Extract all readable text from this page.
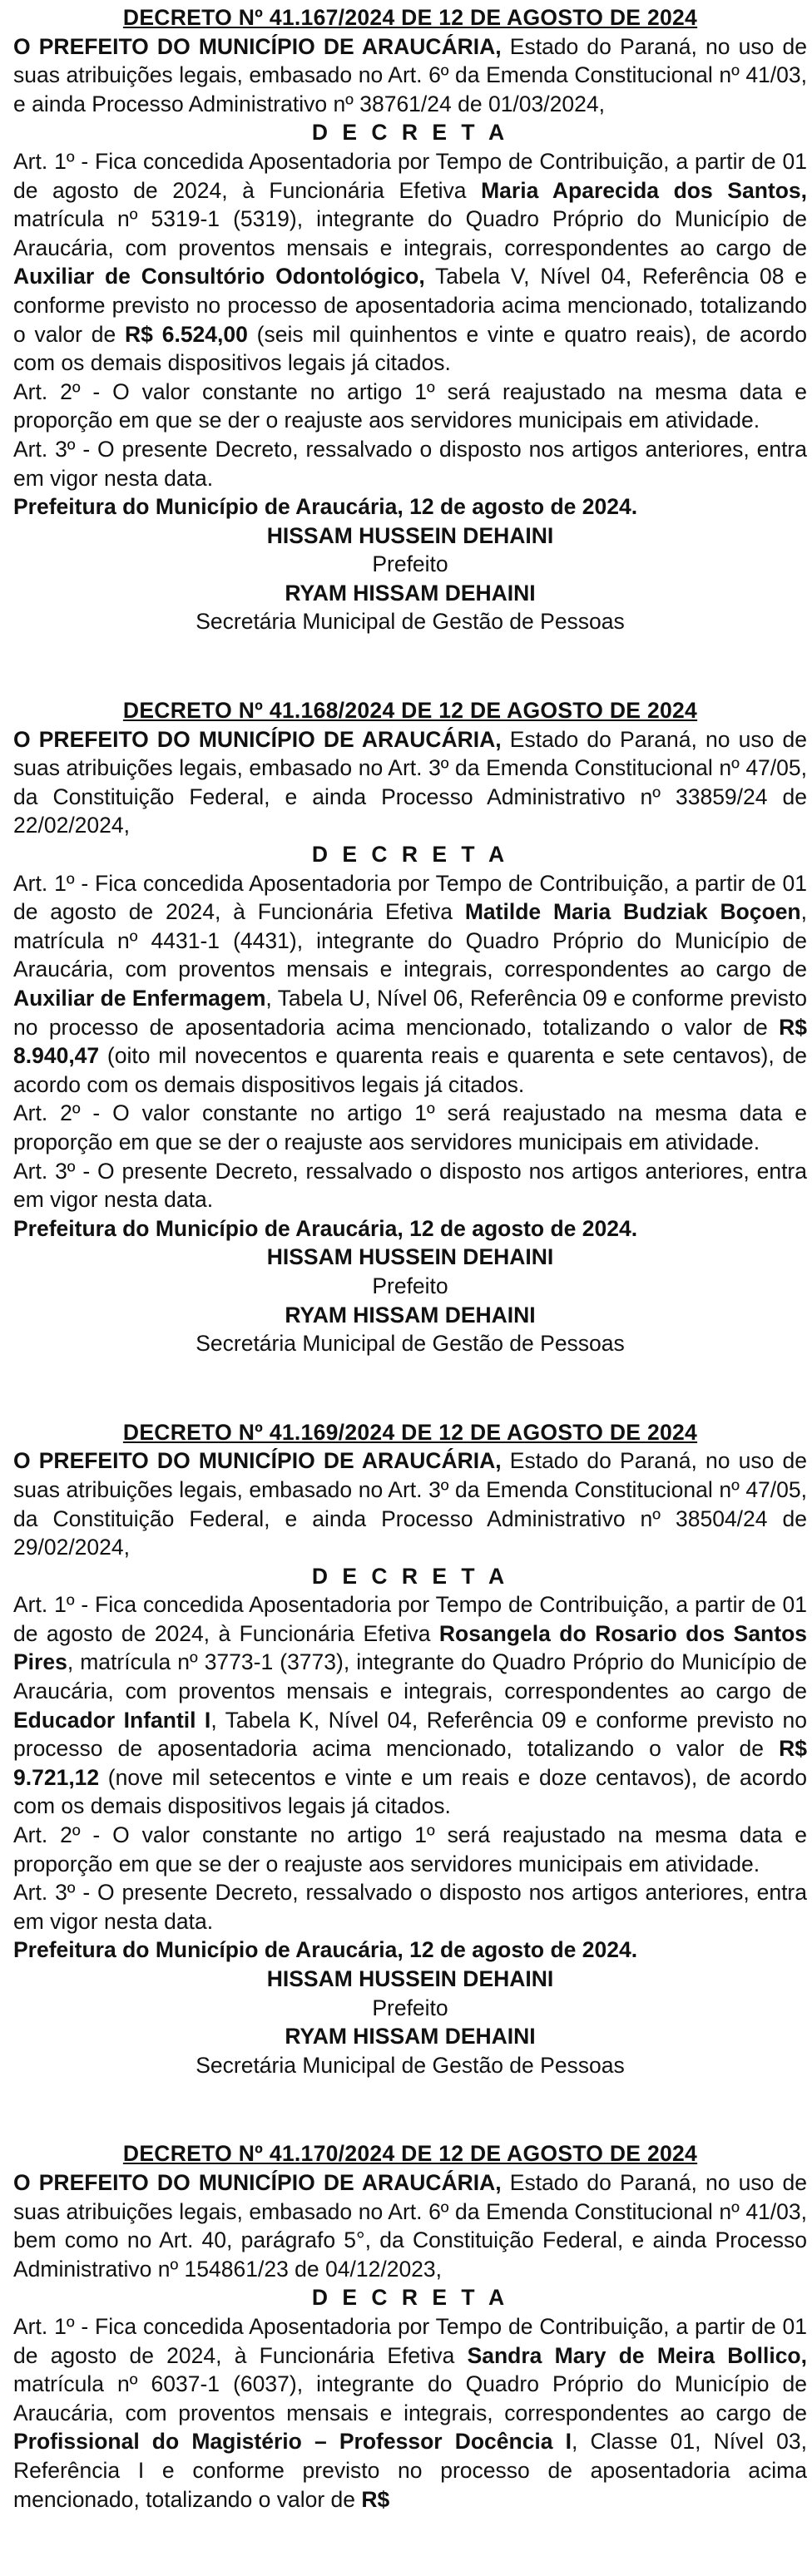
DECRETO Nº 41.167/2024 DE 12 DE AGOSTO DE 2024
O PREFEITO DO MUNICÍPIO DE ARAUCÁRIA, Estado do Paraná, no uso de suas atribuições legais, embasado no Art. 6º da Emenda Constitucional nº 41/03, e ainda Processo Administrativo nº 38761/24 de 01/03/2024,
D E C R E T A
Art. 1º - Fica concedida Aposentadoria por Tempo de Contribuição, a partir de 01 de agosto de 2024, à Funcionária Efetiva Maria Aparecida dos Santos, matrícula nº 5319-1 (5319), integrante do Quadro Próprio do Município de Araucária, com proventos mensais e integrais, correspondentes ao cargo de Auxiliar de Consultório Odontológico, Tabela V, Nível 04, Referência 08 e conforme previsto no processo de aposentadoria acima mencionado, totalizando o valor de R$ 6.524,00 (seis mil quinhentos e vinte e quatro reais), de acordo com os demais dispositivos legais já citados.
Art. 2º - O valor constante no artigo 1º será reajustado na mesma data e proporção em que se der o reajuste aos servidores municipais em atividade.
Art. 3º - O presente Decreto, ressalvado o disposto nos artigos anteriores, entra em vigor nesta data.
Prefeitura do Município de Araucária, 12 de agosto de 2024.
HISSAM HUSSEIN DEHAINI
Prefeito
RYAM HISSAM DEHAINI
Secretária Municipal de Gestão de Pessoas
DECRETO Nº 41.168/2024 DE 12 DE AGOSTO DE 2024
O PREFEITO DO MUNICÍPIO DE ARAUCÁRIA, Estado do Paraná, no uso de suas atribuições legais, embasado no Art. 3º da Emenda Constitucional nº 47/05, da Constituição Federal, e ainda Processo Administrativo nº 33859/24 de 22/02/2024,
D E C R E T A
Art. 1º - Fica concedida Aposentadoria por Tempo de Contribuição, a partir de 01 de agosto de 2024, à Funcionária Efetiva Matilde Maria Budziak Boçoen, matrícula nº 4431-1 (4431), integrante do Quadro Próprio do Município de Araucária, com proventos mensais e integrais, correspondentes ao cargo de Auxiliar de Enfermagem, Tabela U, Nível 06, Referência 09 e conforme previsto no processo de aposentadoria acima mencionado, totalizando o valor de R$ 8.940,47 (oito mil novecentos e quarenta reais e quarenta e sete centavos), de acordo com os demais dispositivos legais já citados.
Art. 2º - O valor constante no artigo 1º será reajustado na mesma data e proporção em que se der o reajuste aos servidores municipais em atividade.
Art. 3º - O presente Decreto, ressalvado o disposto nos artigos anteriores, entra em vigor nesta data.
Prefeitura do Município de Araucária, 12 de agosto de 2024.
HISSAM HUSSEIN DEHAINI
Prefeito
RYAM HISSAM DEHAINI
Secretária Municipal de Gestão de Pessoas
DECRETO Nº 41.169/2024 DE 12 DE AGOSTO DE 2024
O PREFEITO DO MUNICÍPIO DE ARAUCÁRIA, Estado do Paraná, no uso de suas atribuições legais, embasado no Art. 3º da Emenda Constitucional nº 47/05, da Constituição Federal, e ainda Processo Administrativo nº 38504/24 de 29/02/2024,
D E C R E T A
Art. 1º - Fica concedida Aposentadoria por Tempo de Contribuição, a partir de 01 de agosto de 2024, à Funcionária Efetiva Rosangela do Rosario dos Santos Pires, matrícula nº 3773-1 (3773), integrante do Quadro Próprio do Município de Araucária, com proventos mensais e integrais, correspondentes ao cargo de Educador Infantil I, Tabela K, Nível 04, Referência 09 e conforme previsto no processo de aposentadoria acima mencionado, totalizando o valor de R$ 9.721,12 (nove mil setecentos e vinte e um reais e doze centavos), de acordo com os demais dispositivos legais já citados.
Art. 2º - O valor constante no artigo 1º será reajustado na mesma data e proporção em que se der o reajuste aos servidores municipais em atividade.
Art. 3º - O presente Decreto, ressalvado o disposto nos artigos anteriores, entra em vigor nesta data.
Prefeitura do Município de Araucária, 12 de agosto de 2024.
HISSAM HUSSEIN DEHAINI
Prefeito
RYAM HISSAM DEHAINI
Secretária Municipal de Gestão de Pessoas
DECRETO Nº 41.170/2024 DE 12 DE AGOSTO DE 2024
O PREFEITO DO MUNICÍPIO DE ARAUCÁRIA, Estado do Paraná, no uso de suas atribuições legais, embasado no Art. 6º da Emenda Constitucional nº 41/03, bem como no Art. 40, parágrafo 5°, da Constituição Federal, e ainda Processo Administrativo nº 154861/23 de 04/12/2023,
D E C R E T A
Art. 1º - Fica concedida Aposentadoria por Tempo de Contribuição, a partir de 01 de agosto de 2024, à Funcionária Efetiva Sandra Mary de Meira Bollico, matrícula nº 6037-1 (6037), integrante do Quadro Próprio do Município de Araucária, com proventos mensais e integrais, correspondentes ao cargo de Profissional do Magistério – Professor Docência I, Classe 01, Nível 03, Referência I e conforme previsto no processo de aposentadoria acima mencionado, totalizando o valor de R$
